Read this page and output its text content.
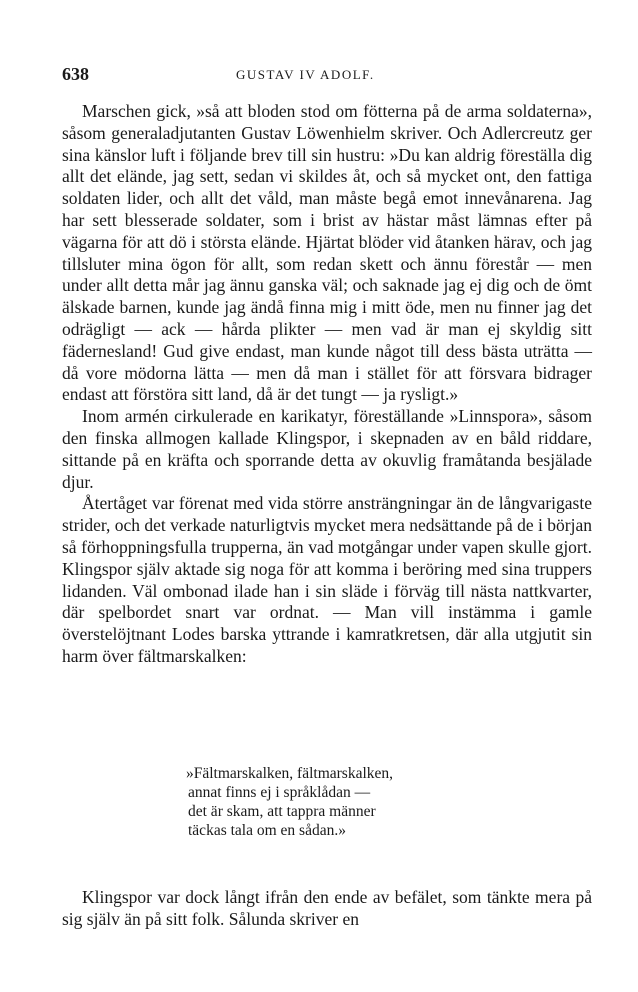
638	GUSTAV IV ADOLF.

Marschen gick, »så att bloden stod om fötterna på de arma soldaterna», såsom generaladjutanten Gustav Löwenhielm skriver. Och Adlercreutz ger sina känslor luft i följande brev till sin hustru: »Du kan aldrig föreställa dig allt det elände, jag sett, sedan vi skildes åt, och så mycket ont, den fattiga soldaten lider, och allt det våld, man måste begå emot innevånarena. Jag har sett blesserade soldater, som i brist av hästar måst lämnas efter på vägarna för att dö i största elände. Hjärtat blöder vid åtanken härav, och jag tillsluter mina ögon för allt, som redan skett och ännu förestår — men under allt detta mår jag ännu ganska väl; och saknade jag ej dig och de ömt älskade barnen, kunde jag ändå finna mig i mitt öde, men nu finner jag det odrägligt — ack — hårda plikter — men vad är man ej skyldig sitt fädernesland! Gud give endast, man kunde något till dess bästa uträtta — då vore mödorna lätta — men då man i stället för att försvara bidrager endast att förstöra sitt land, då är det tungt — ja rysligt.»

Inom armén cirkulerade en karikatyr, föreställande »Linnspora», såsom den finska allmogen kallade Klingspor, i skepnaden av en båld riddare, sittande på en kräfta och sporrande detta av okuvlig framåtanda besjälade djur.

Återtåget var förenat med vida större ansträngningar än de långvarigaste strider, och det verkade naturligtvis mycket mera nedsättande på de i början så förhoppningsfulla trupperna, än vad motgångar under vapen skulle gjort. Klingspor själv aktade sig noga för att komma i beröring med sina truppers lidanden. Väl ombonad ilade han i sin släde i förväg till nästa nattkvarter, där spelbordet snart var ordnat. — Man vill instämma i gamle överstelöjtnant Lodes barska yttrande i kamratkretsen, där alla utgjutit sin harm över fältmarskalken:

»Fältmarskalken, fältmarskalken,
annat finns ej i språklådan —
det är skam, att tappra männer
täckas tala om en sådan.»

Klingspor var dock långt ifrån den ende av befälet, som tänkte mera på sig själv än på sitt folk. Sålunda skriver en
